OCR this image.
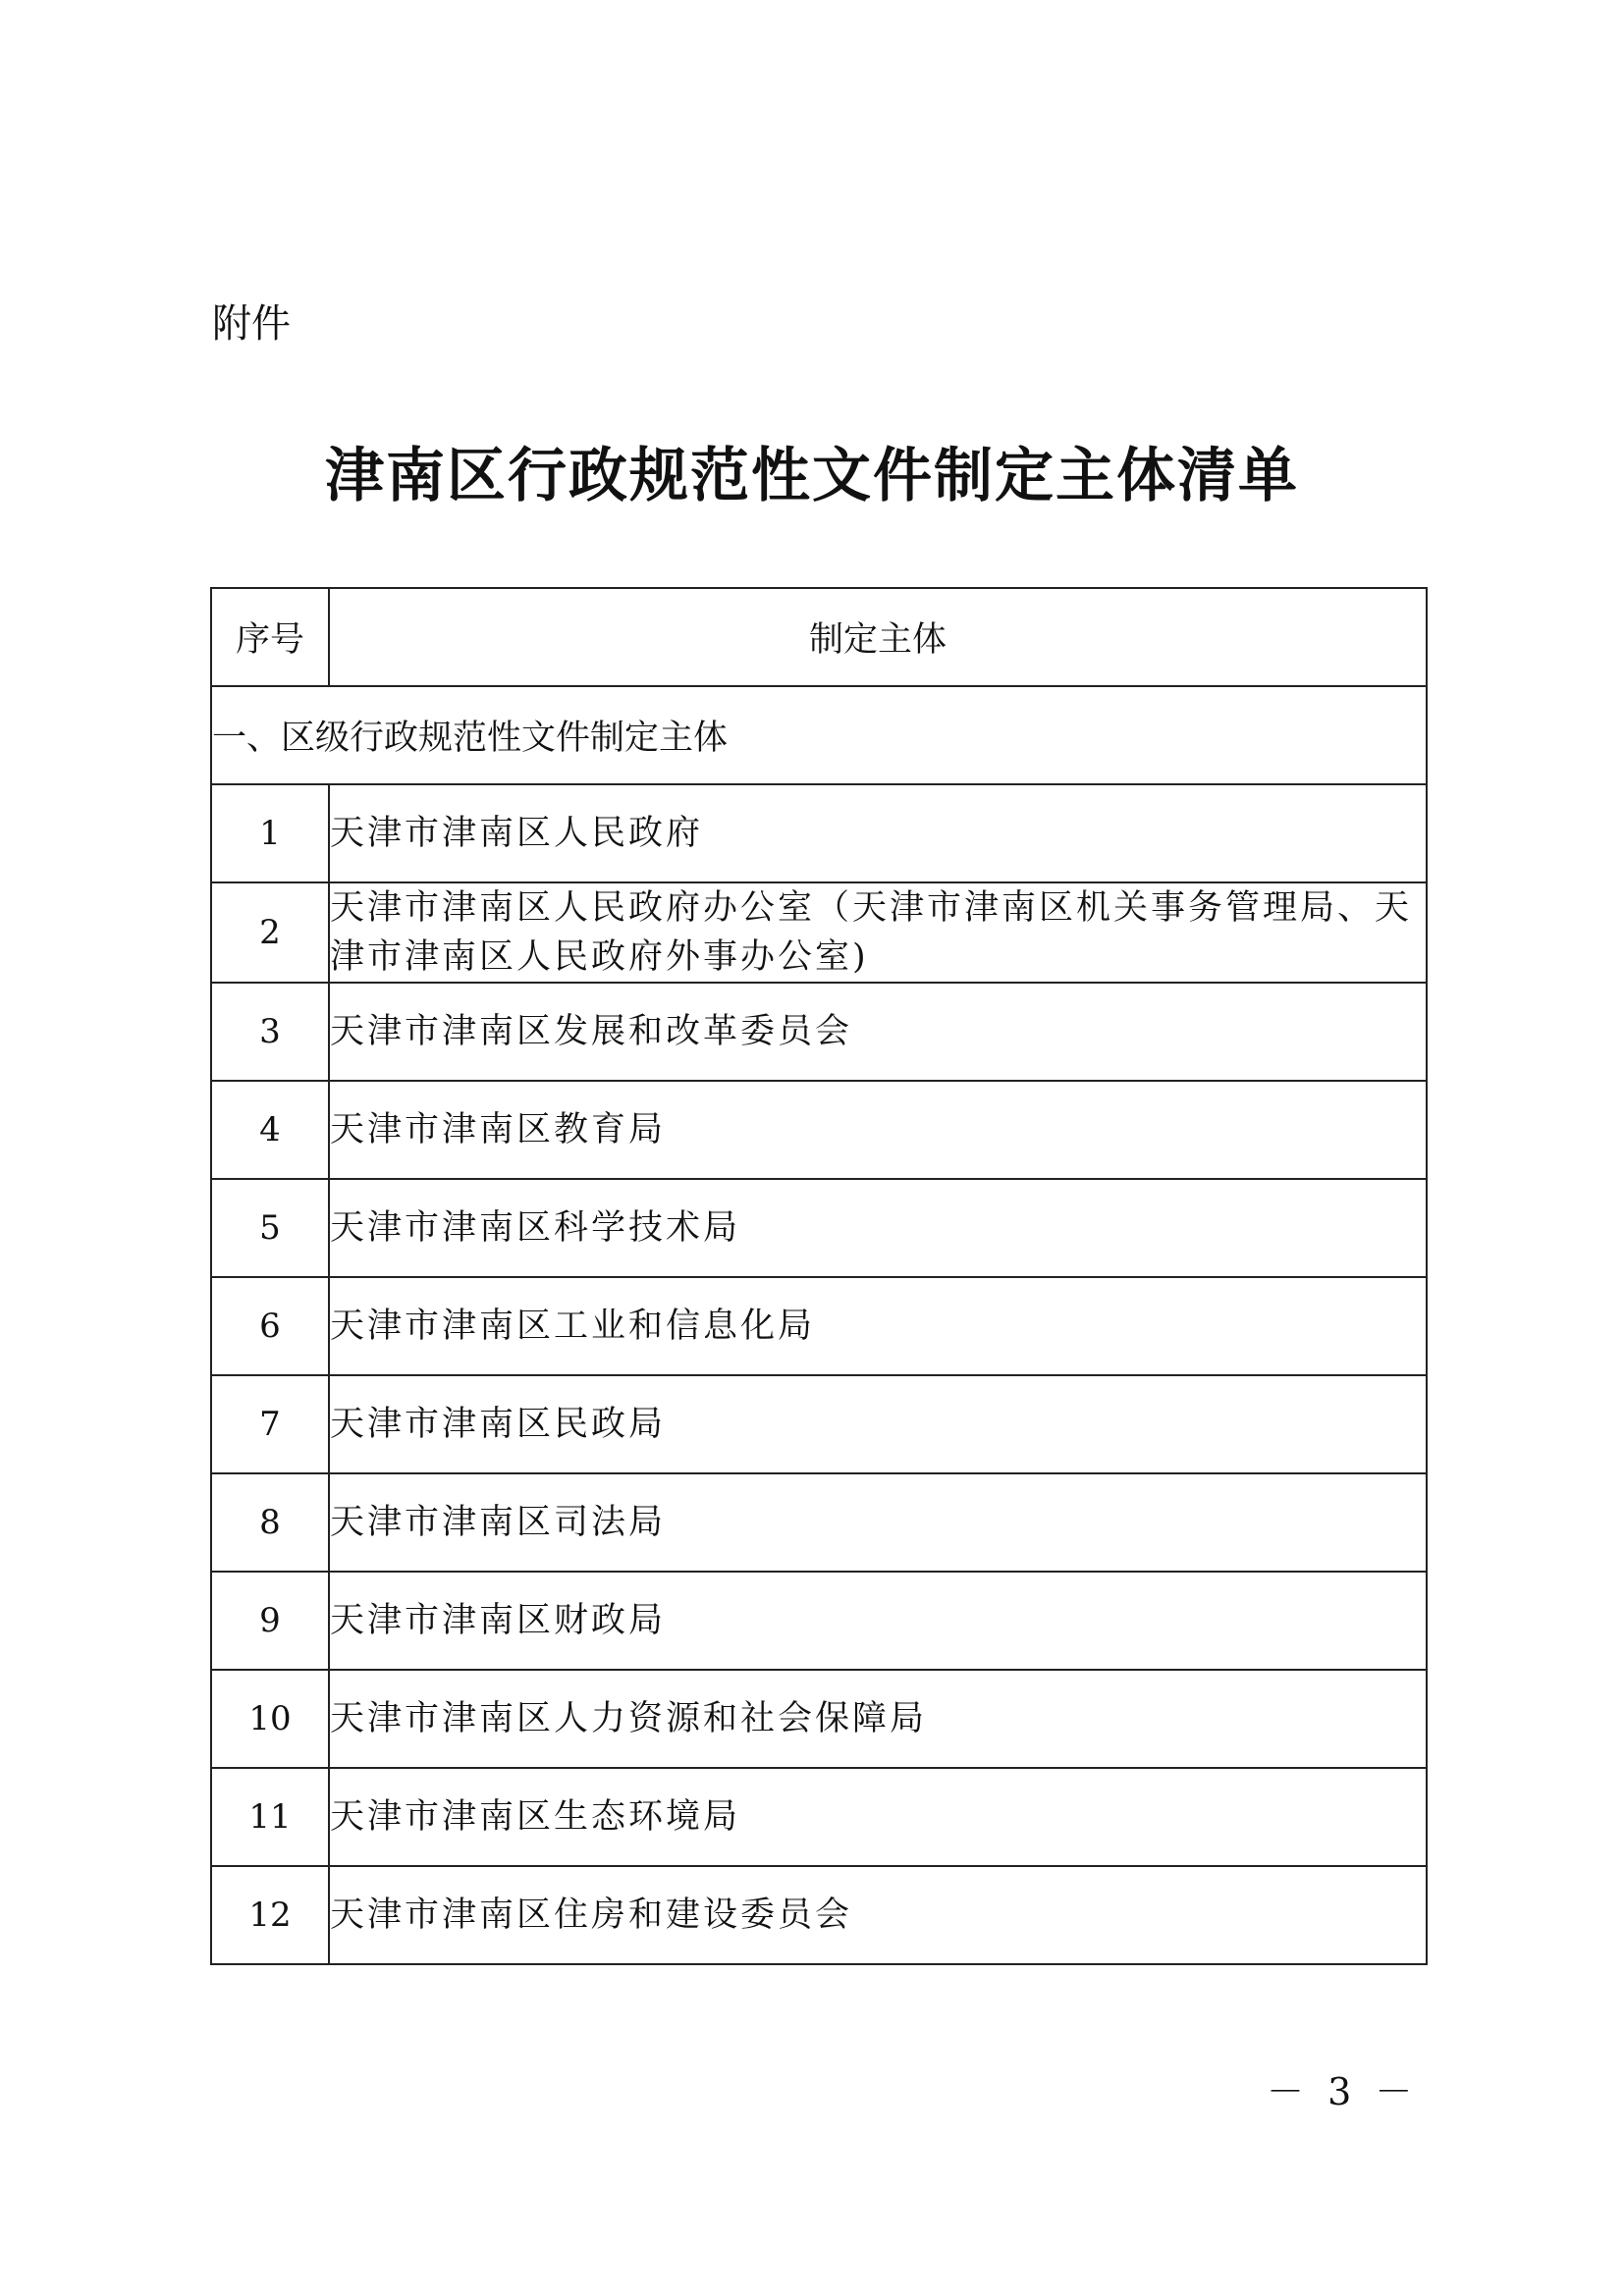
附件
津南区行政规范性文件制定主体清单
序号	制定主体
一、区级行政规范性文件制定主体	
1	天津市津南区人民政府
2	天津市津南区人民政府办公室（天津市津南区机关事务管理局、天津市津南区人民政府外事办公室)
3	天津市津南区发展和改革委员会
4	天津市津南区教育局
5	天津市津南区科学技术局
6	天津市津南区工业和信息化局
7	天津市津南区民政局
8	天津市津南区司法局
9	天津市津南区财政局
10	天津市津南区人力资源和社会保障局
11	天津市津南区生态环境局
12	天津市津南区住房和建设委员会
－ 3 －
